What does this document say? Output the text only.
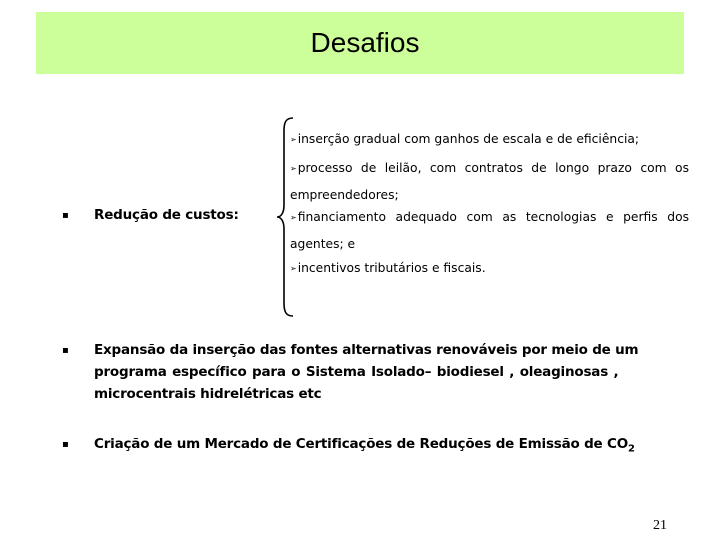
Desafios
▪ Redução de custos:
➢inserção gradual com ganhos de escala e de eficiência;
➢processo de leilão, com contratos de longo prazo com os empreendedores;
➢financiamento adequado com as tecnologias e perfis dos agentes; e
➢incentivos tributários e fiscais.
▪ Expansão da inserção das fontes alternativas renováveis por meio de um
programa específico para o Sistema Isolado– biodiesel , oleaginosas ,
microcentrais hidrelétricas etc
▪ Criação de um Mercado de Certificações de Reduções de Emissão de $CO_2$
21
